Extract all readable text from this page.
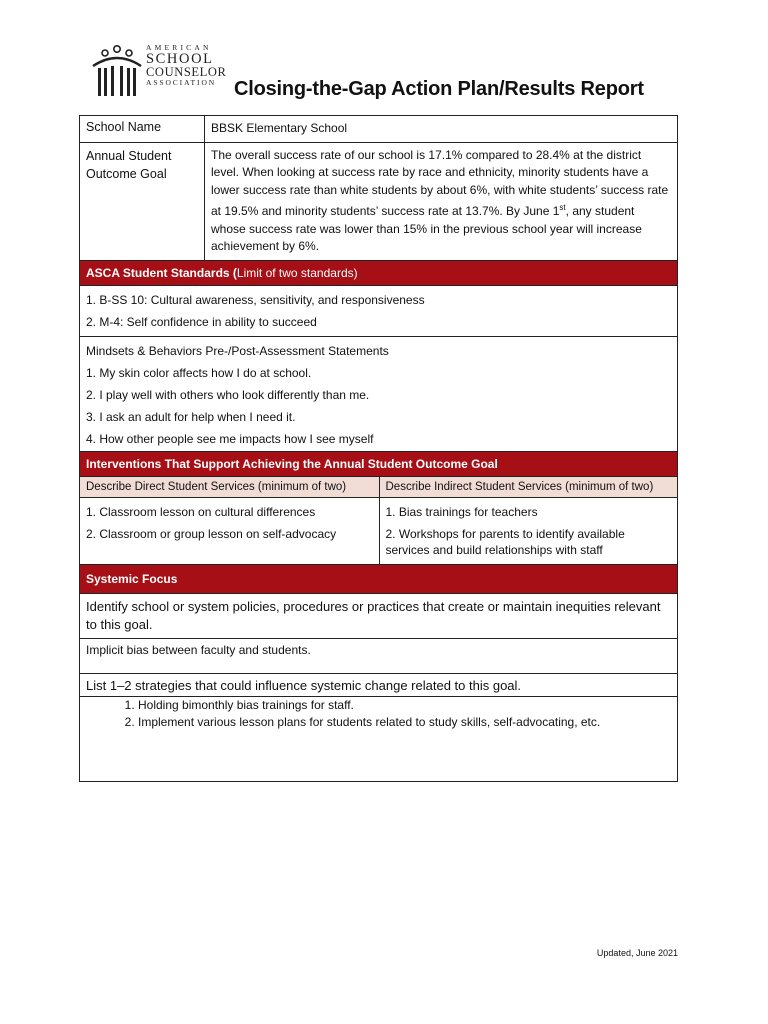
AMERICAN
SCHOOL
COUNSELOR
ASSOCIATION Closing-the-Gap Action Plan/Results Report
School Name	BBSK Elementary School
Annual Student Outcome Goal
The overall success rate of our school is 17.1% compared to 28.4% at the district level. When looking at success rate by race and ethnicity, minority students have a lower success rate than white students by about 6%, with white students’ success rate at 19.5% and minority students’ success rate at 13.7%. By June 1st, any student whose success rate was lower than 15% in the previous school year will increase achievement by 6%.
ASCA Student Standards (Limit of two standards)
1. B-SS 10: Cultural awareness, sensitivity, and responsiveness
2. M-4: Self confidence in ability to succeed
Mindsets & Behaviors Pre-/Post-Assessment Statements
1. My skin color affects how I do at school.
2. I play well with others who look differently than me.
3. I ask an adult for help when I need it.
4. How other people see me impacts how I see myself
Interventions That Support Achieving the Annual Student Outcome Goal
Describe Direct Student Services (minimum of two)	Describe Indirect Student Services (minimum of two)
1. Classroom lesson on cultural differences
2. Classroom or group lesson on self-advocacy
1. Bias trainings for teachers
2. Workshops for parents to identify available services and build relationships with staff
Systemic Focus
Identify school or system policies, procedures or practices that create or maintain inequities relevant to this goal.
Implicit bias between faculty and students.
List 1–2 strategies that could influence systemic change related to this goal.
1. Holding bimonthly bias trainings for staff.
2. Implement various lesson plans for students related to study skills, self-advocating, etc.
Updated, June 2021
